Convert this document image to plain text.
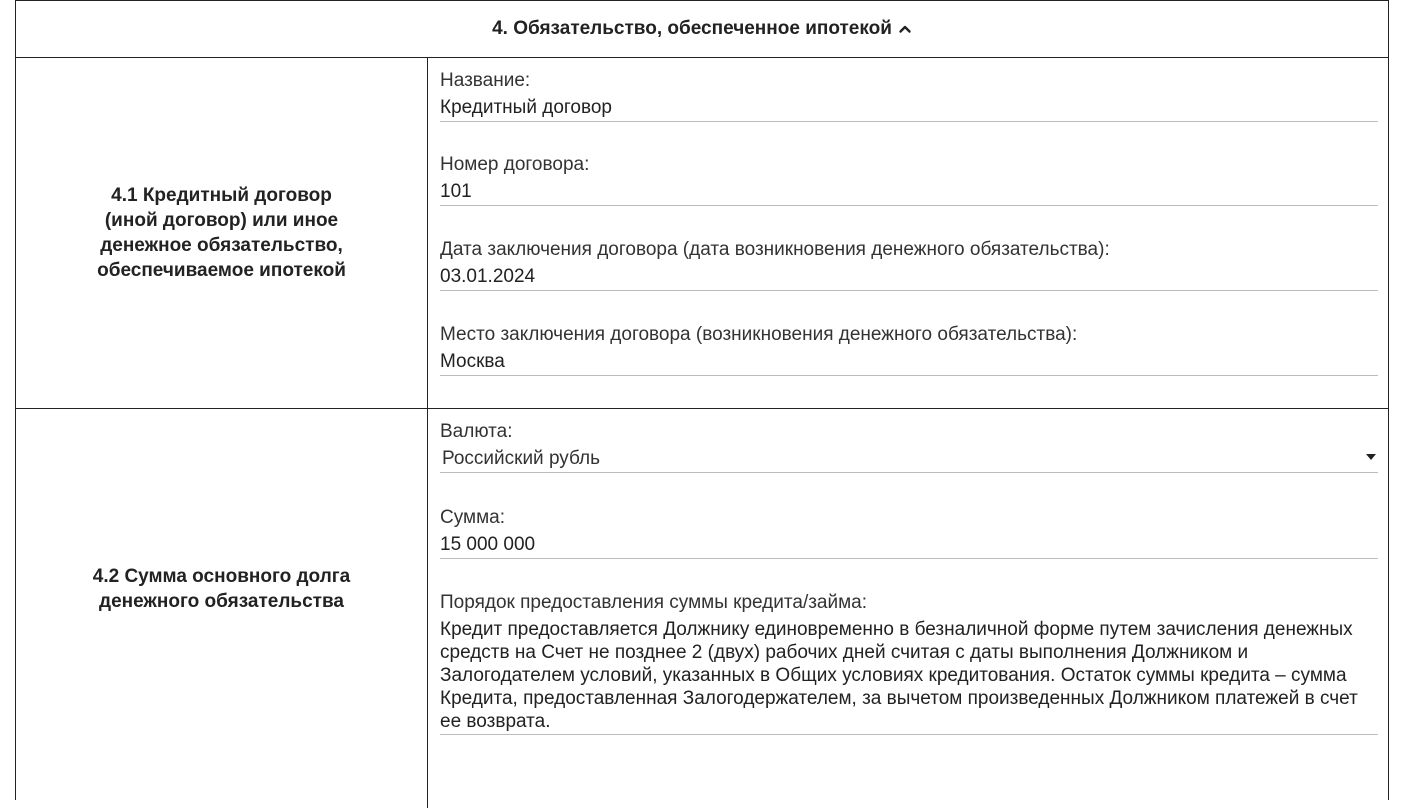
4. Обязательство, обеспеченное ипотекой
4.1 Кредитный договор (иной договор) или иное денежное обязательство, обеспечиваемое ипотекой
Название:
Кредитный договор
Номер договора:
101
Дата заключения договора (дата возникновения денежного обязательства):
03.01.2024
Место заключения договора (возникновения денежного обязательства):
Москва
4.2 Сумма основного долга денежного обязательства
Валюта:
Российский рубль
Сумма:
15 000 000
Порядок предоставления суммы кредита/займа:
Кредит предоставляется Должнику единовременно в безналичной форме путем зачисления денежных средств на Счет не позднее 2 (двух) рабочих дней считая с даты выполнения Должником и Залогодателем условий, указанных в Общих условиях кредитования. Остаток суммы кредита – сумма Кредита, предоставленная Залогодержателем, за вычетом произведенных Должником платежей в счет ее возврата.
